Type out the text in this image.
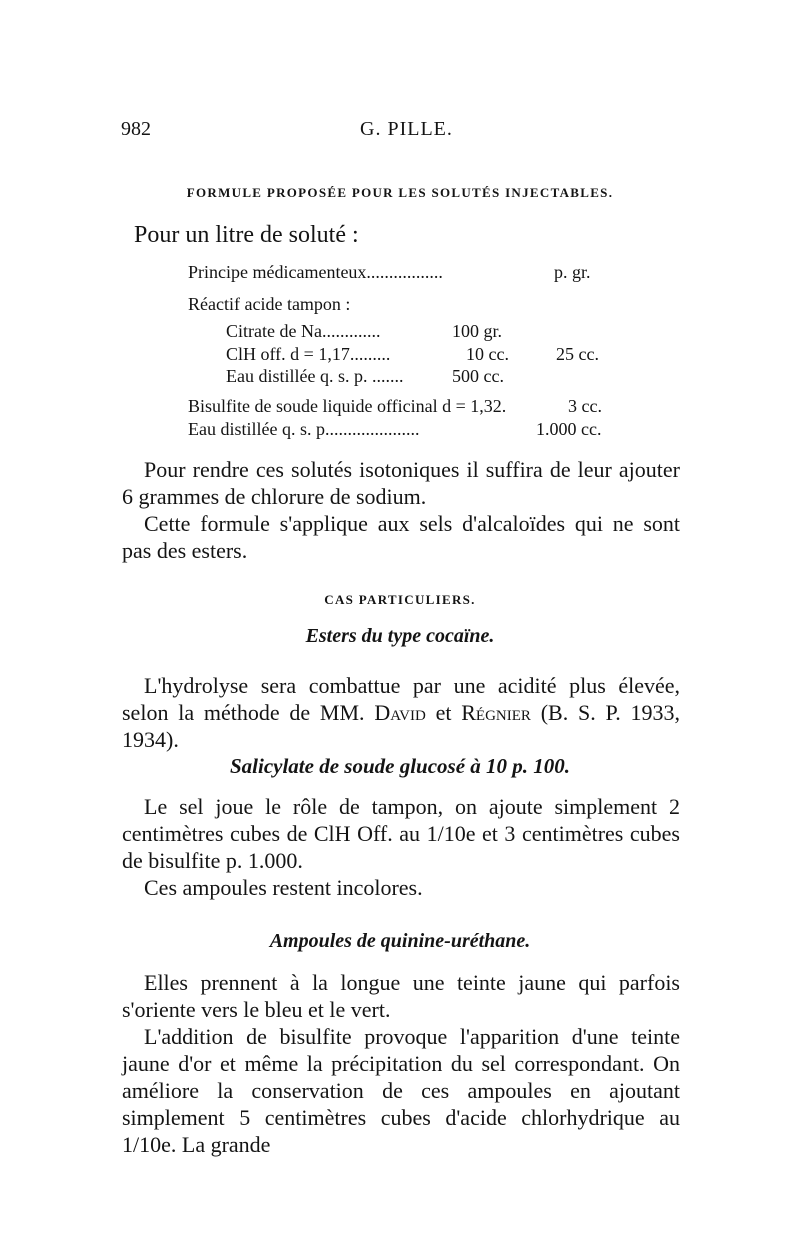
982	G. PILLE.
FORMULE PROPOSÉE POUR LES SOLUTÉS INJECTABLES.
Pour un litre de soluté :
Principe médicamenteux.................	p. gr.
Réactif acide tampon :
Citrate de Na.............	100 gr.
ClH off. d = 1,17.........	10 cc.	25 cc.
Eau distillée q. s. p. .......	500 cc.
Bisulfite de soude liquide officinal d = 1,32.	3 cc.
Eau distillée q. s. p.....................	1.000 cc.
Pour rendre ces solutés isotoniques il suffira de leur ajouter 6 grammes de chlorure de sodium.
Cette formule s'applique aux sels d'alcaloïdes qui ne sont pas des esters.
CAS PARTICULIERS.
Esters du type cocaïne.
L'hydrolyse sera combattue par une acidité plus élevée, selon la méthode de MM. David et Régnier (B. S. P. 1933, 1934).
Salicylate de soude glucosé à 10 p. 100.
Le sel joue le rôle de tampon, on ajoute simplement 2 centimètres cubes de ClH Off. au 1/10e et 3 centimètres cubes de bisulfite p. 1.000.
Ces ampoules restent incolores.
Ampoules de quinine-uréthane.
Elles prennent à la longue une teinte jaune qui parfois s'oriente vers le bleu et le vert.
L'addition de bisulfite provoque l'apparition d'une teinte jaune d'or et même la précipitation du sel correspondant. On améliore la conservation de ces ampoules en ajoutant simplement 5 centimètres cubes d'acide chlorhydrique au 1/10e. La grande
